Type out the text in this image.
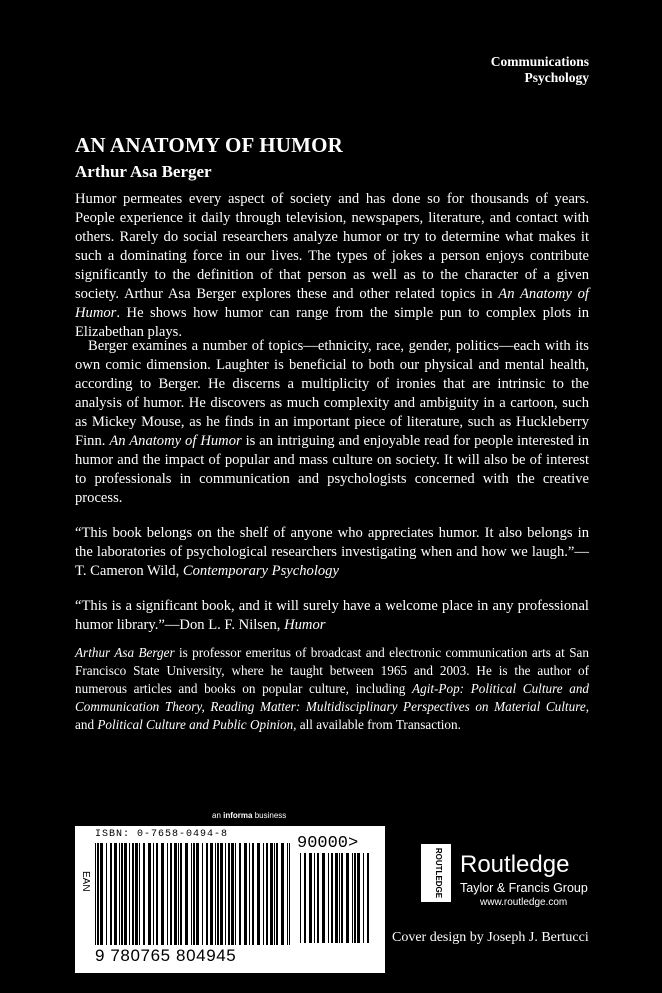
Communications
Psychology
AN ANATOMY OF HUMOR
Arthur Asa Berger

Humor permeates every aspect of society and has done so for thousands of years. People experience it daily through television, newspapers, literature, and contact with others. Rarely do social researchers analyze humor or try to determine what makes it such a dominating force in our lives. The types of jokes a person enjoys contribute significantly to the definition of that person as well as to the character of a given society. Arthur Asa Berger explores these and other related topics in An Anatomy of Humor. He shows how humor can range from the simple pun to complex plots in Elizabethan plays.

Berger examines a number of topics—ethnicity, race, gender, politics—each with its own comic dimension. Laughter is beneficial to both our physical and mental health, according to Berger. He discerns a multiplicity of ironies that are intrinsic to the analysis of humor. He discovers as much complexity and ambiguity in a cartoon, such as Mickey Mouse, as he finds in an important piece of literature, such as Huckleberry Finn. An Anatomy of Humor is an intriguing and enjoyable read for people interested in humor and the impact of popular and mass culture on society. It will also be of interest to professionals in communication and psychologists concerned with the creative process.

“This book belongs on the shelf of anyone who appreciates humor. It also belongs in the laboratories of psychological researchers investigating when and how we laugh.”—T. Cameron Wild, Contemporary Psychology

“This is a significant book, and it will surely have a welcome place in any professional humor library.”—Don L. F. Nilsen, Humor

Arthur Asa Berger is professor emeritus of broadcast and electronic communication arts at San Francisco State University, where he taught between 1965 and 2003. He is the author of numerous articles and books on popular culture, including Agit-Pop: Political Culture and Communication Theory, Reading Matter: Multidisciplinary Perspectives on Material Culture, and Political Culture and Public Opinion, all available from Transaction.

an informa business
ISBN: 0-7658-0494-8
EAN
90000>
9 780765 804945
ROUTLEDGE Routledge
Taylor & Francis Group
www.routledge.com
Cover design by Joseph J. Bertucci
